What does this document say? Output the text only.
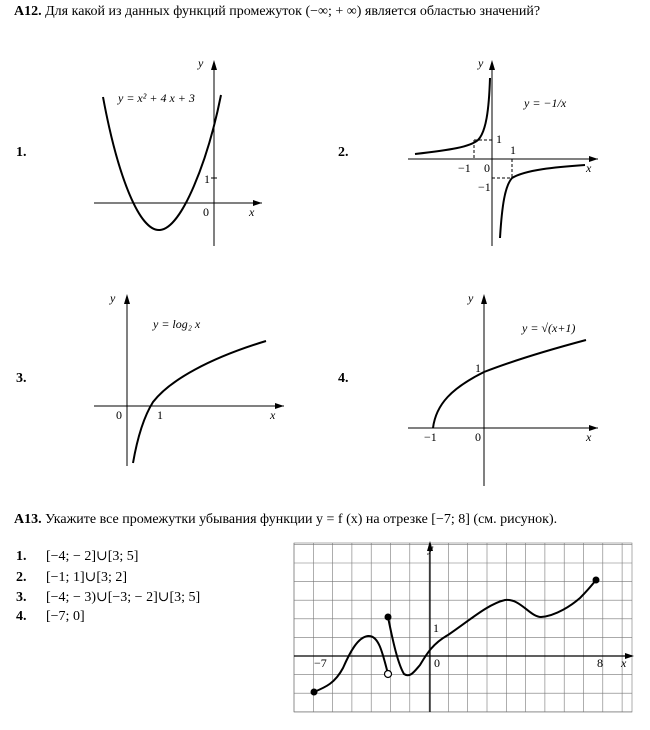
A12. Для какой из данных функций промежуток (−∞; + ∞) является областью значений?
1.	2.
3.	4.
y
x
0
1
y = x² + 4 x + 3
y
x
0
1
1
−1
−1
y = −1/x
y
x
0	1
y = log₂ x
y
x
0
1
−1
y = √(x+1)
A13. Укажите все промежутки убывания функции y = f (x) на отрезке [−7; 8] (см. рисунок).
1. [−4; − 2]∪[3; 5]
2. [−1; 1]∪[3; 2]
3. [−4; − 3)∪[−3; − 2]∪[3; 5]
4. [−7; 0]
y
x
0
1
−7	8
